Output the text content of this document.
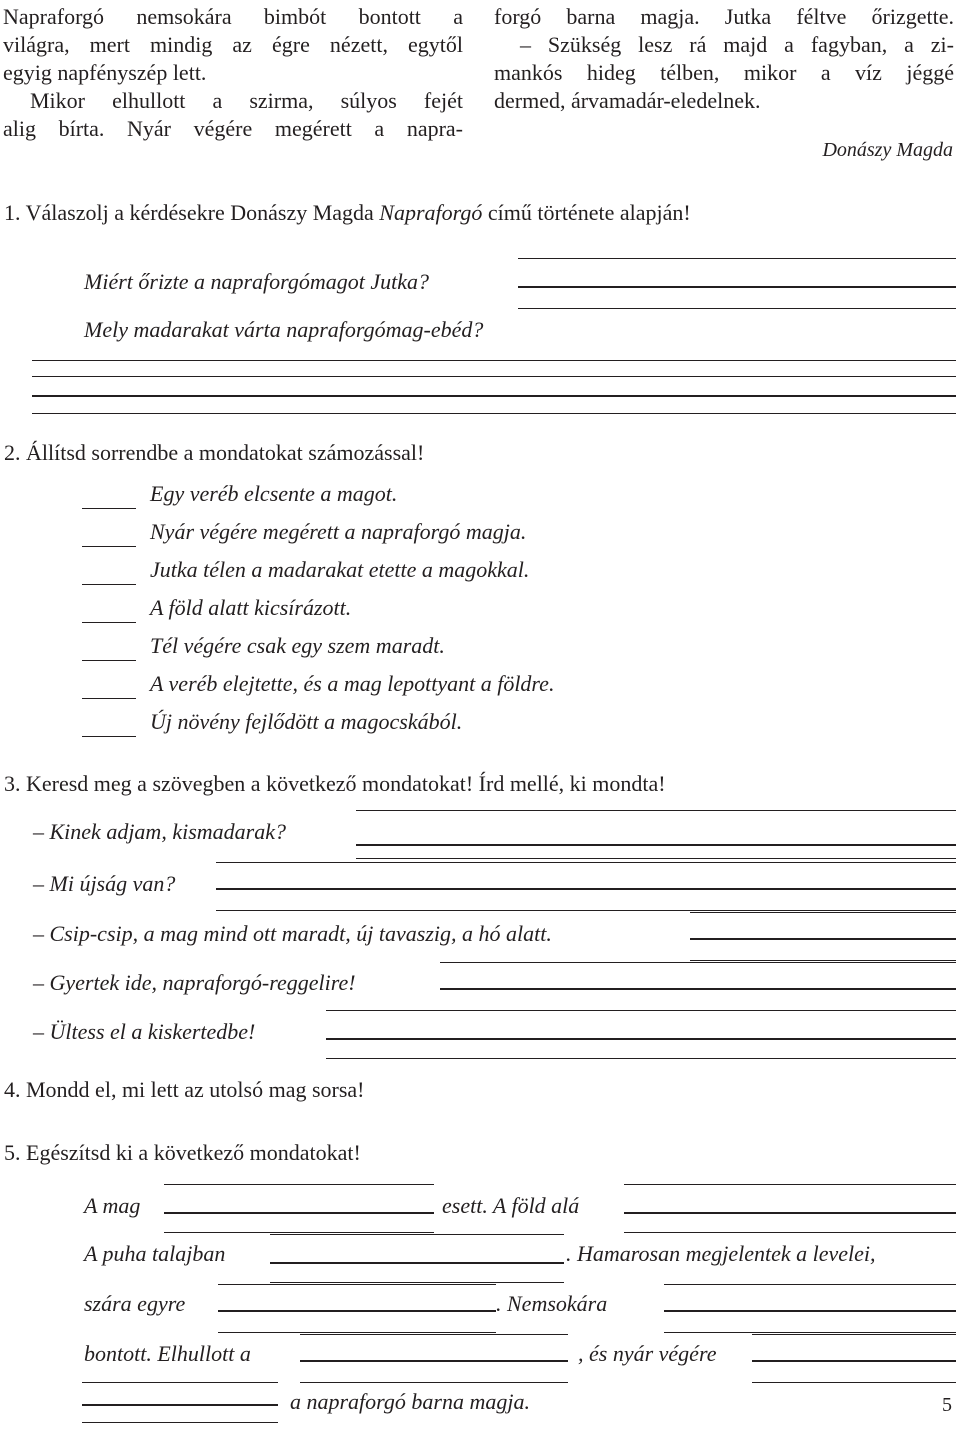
Napraforgó nemsokára bimbót bontott a

világra, mert mindig az égre nézett, egytől

egyig napfényszép lett.

Mikor elhullott a szirma, súlyos fejét

alig bírta. Nyár végére megérett a napra-

forgó barna magja. Jutka féltve őrizgette.

– Szükség lesz rá majd a fagyban, a zi-

mankós hideg télben, mikor a víz jéggé

dermed, árvamadár-eledelnek.

Donászy Magda
1. Válaszolj a kérdésekre Donászy Magda Napraforgó című története alapján!
Miért őrizte a napraforgómagot Jutka?
Mely madarakat várta napraforgómag-ebéd?
2. Állítsd sorrendbe a mondatokat számozással!
Egy veréb elcsente a magot.
Nyár végére megérett a napraforgó magja.
Jutka télen a madarakat etette a magokkal.
A föld alatt kicsírázott.
Tél végére csak egy szem maradt.
A veréb elejtette, és a mag lepottyant a földre.
Új növény fejlődött a magocskából.
3. Keresd meg a szövegben a következő mondatokat! Írd mellé, ki mondta!
– Kinek adjam, kismadarak?
– Mi újság van?
– Csip-csip, a mag mind ott maradt, új tavaszig, a hó alatt.
– Gyertek ide, napraforgó-reggelire!
– Ültess el a kiskertedbe!
4. Mondd el, mi lett az utolsó mag sorsa!
5. Egészítsd ki a következő mondatokat!
A mag	esett. A föld alá
A puha talajban	. Hamarosan megjelentek a levelei,
szára egyre	. Nemsokára
bontott. Elhullott a	, és nyár végére
a napraforgó barna magja.	5
